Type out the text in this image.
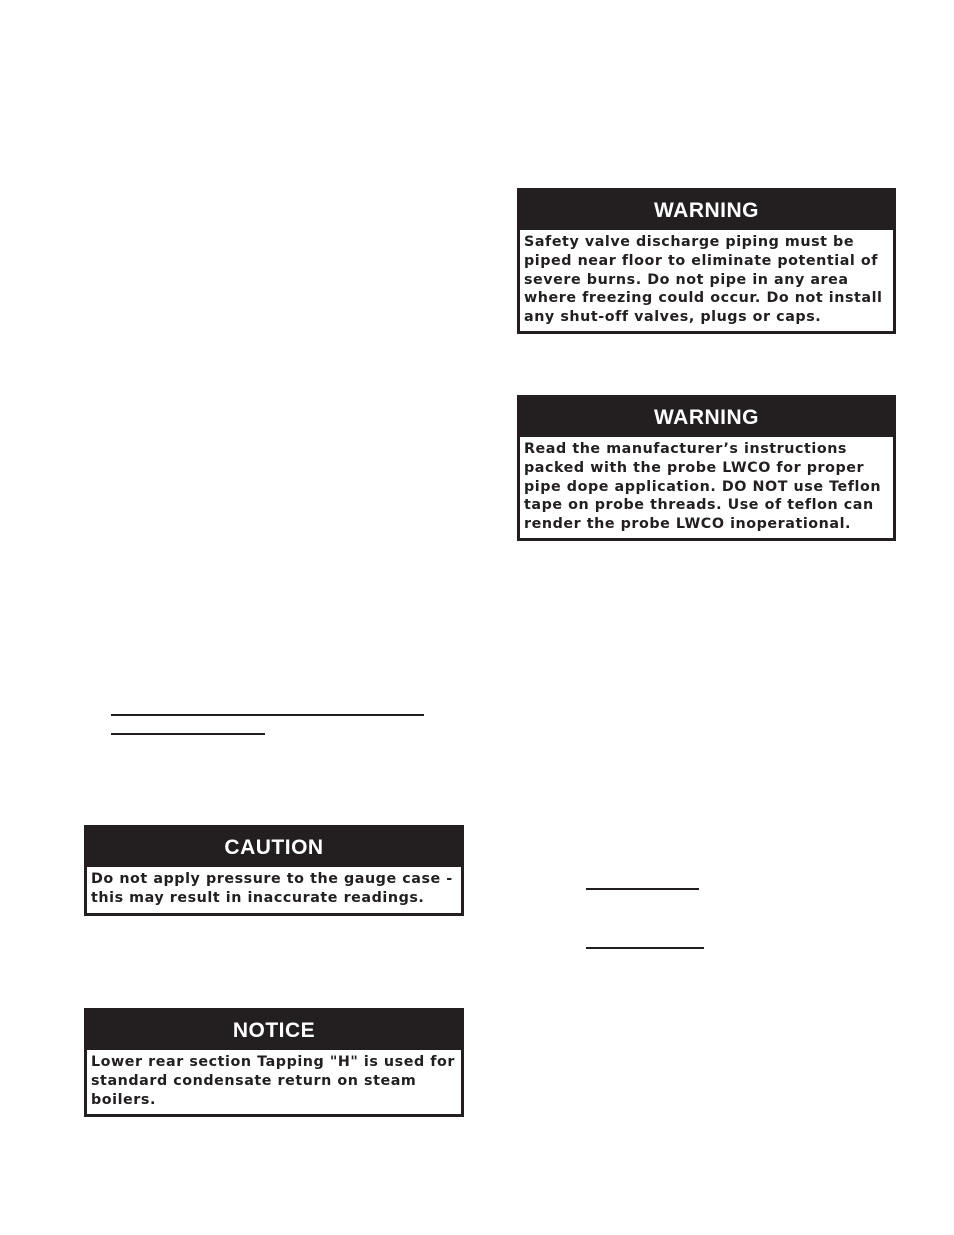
WARNING
Safety valve discharge piping must be piped near floor to eliminate potential of severe burns. Do not pipe in any area where freezing could occur. Do not install any shut-off valves, plugs or caps.
WARNING
Read the manufacturer’s instructions packed with the probe LWCO for proper pipe dope application. DO NOT use Teflon tape on probe threads. Use of teflon can render the probe LWCO inoperational.
CAUTION
Do not apply pressure to the gauge case - this may result in inaccurate readings.
NOTICE
Lower rear section Tapping "H" is used for standard condensate return on steam boilers.
